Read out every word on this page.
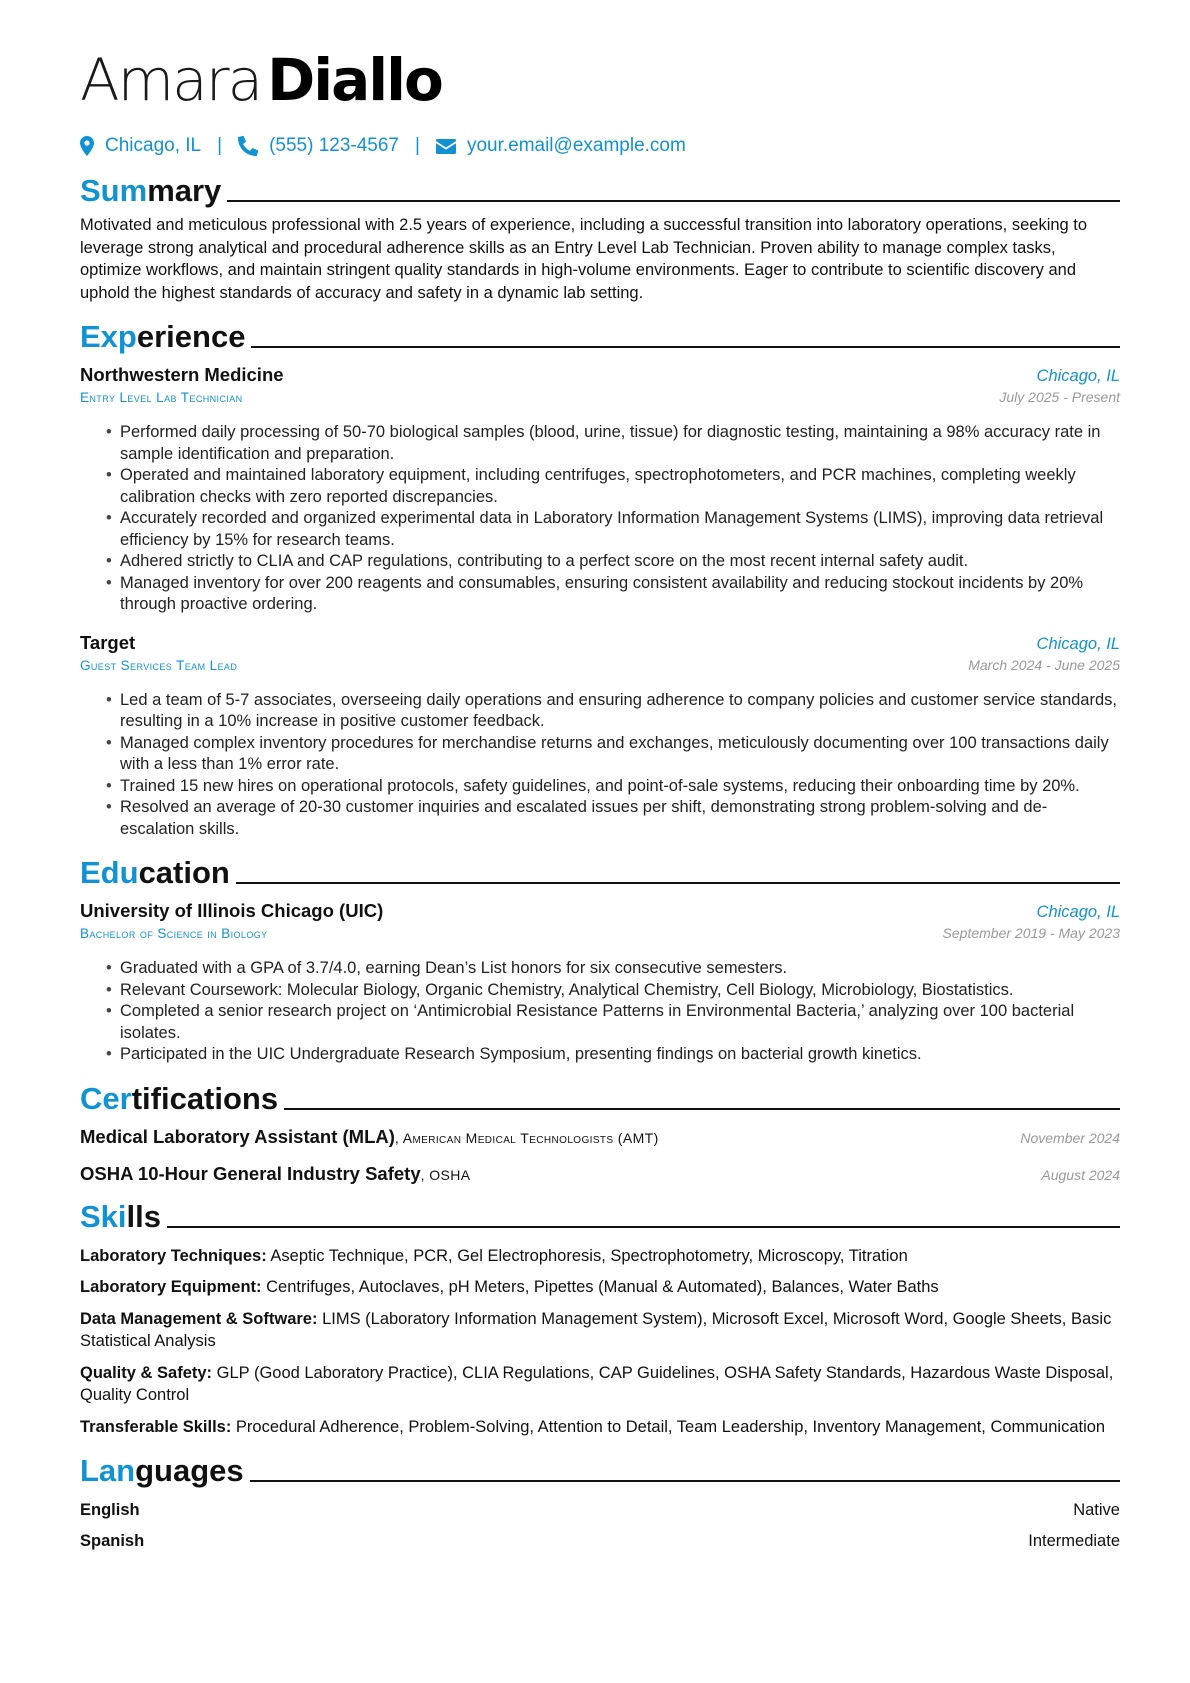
Amara Diallo
Chicago, IL | (555) 123-4567 | your.email@example.com
Summary

Motivated and meticulous professional with 2.5 years of experience, including a successful transition into laboratory operations, seeking to leverage strong analytical and procedural adherence skills as an Entry Level Lab Technician. Proven ability to manage complex tasks, optimize workflows, and maintain stringent quality standards in high-volume environments. Eager to contribute to scientific discovery and uphold the highest standards of accuracy and safety in a dynamic lab setting.

Experience
Northwestern Medicine	Chicago, IL
Entry Level Lab Technician	July 2025 - Present
• Performed daily processing of 50-70 biological samples (blood, urine, tissue) for diagnostic testing, maintaining a 98% accuracy rate in sample identification and preparation.
• Operated and maintained laboratory equipment, including centrifuges, spectrophotometers, and PCR machines, completing weekly calibration checks with zero reported discrepancies.
• Accurately recorded and organized experimental data in Laboratory Information Management Systems (LIMS), improving data retrieval efficiency by 15% for research teams.
• Adhered strictly to CLIA and CAP regulations, contributing to a perfect score on the most recent internal safety audit.
• Managed inventory for over 200 reagents and consumables, ensuring consistent availability and reducing stockout incidents by 20% through proactive ordering.
Target	Chicago, IL
Guest Services Team Lead	March 2024 - June 2025
• Led a team of 5-7 associates, overseeing daily operations and ensuring adherence to company policies and customer service standards, resulting in a 10% increase in positive customer feedback.
• Managed complex inventory procedures for merchandise returns and exchanges, meticulously documenting over 100 transactions daily with a less than 1% error rate.
• Trained 15 new hires on operational protocols, safety guidelines, and point-of-sale systems, reducing their onboarding time by 20%.
• Resolved an average of 20-30 customer inquiries and escalated issues per shift, demonstrating strong problem-solving and de-escalation skills.
Education
University of Illinois Chicago (UIC)	Chicago, IL
Bachelor of Science in Biology	September 2019 - May 2023
• Graduated with a GPA of 3.7/4.0, earning Dean’s List honors for six consecutive semesters.
• Relevant Coursework: Molecular Biology, Organic Chemistry, Analytical Chemistry, Cell Biology, Microbiology, Biostatistics.
• Completed a senior research project on ‘Antimicrobial Resistance Patterns in Environmental Bacteria,’ analyzing over 100 bacterial isolates.
• Participated in the UIC Undergraduate Research Symposium, presenting findings on bacterial growth kinetics.
Certifications
Medical Laboratory Assistant (MLA), American Medical Technologists (AMT)	November 2024
OSHA 10-Hour General Industry Safety, OSHA	August 2024
Skills

Laboratory Techniques: Aseptic Technique, PCR, Gel Electrophoresis, Spectrophotometry, Microscopy, Titration

Laboratory Equipment: Centrifuges, Autoclaves, pH Meters, Pipettes (Manual & Automated), Balances, Water Baths

Data Management & Software: LIMS (Laboratory Information Management System), Microsoft Excel, Microsoft Word, Google Sheets, Basic Statistical Analysis

Quality & Safety: GLP (Good Laboratory Practice), CLIA Regulations, CAP Guidelines, OSHA Safety Standards, Hazardous Waste Disposal, Quality Control

Transferable Skills: Procedural Adherence, Problem-Solving, Attention to Detail, Team Leadership, Inventory Management, Communication

Languages
English	Native
Spanish	Intermediate
